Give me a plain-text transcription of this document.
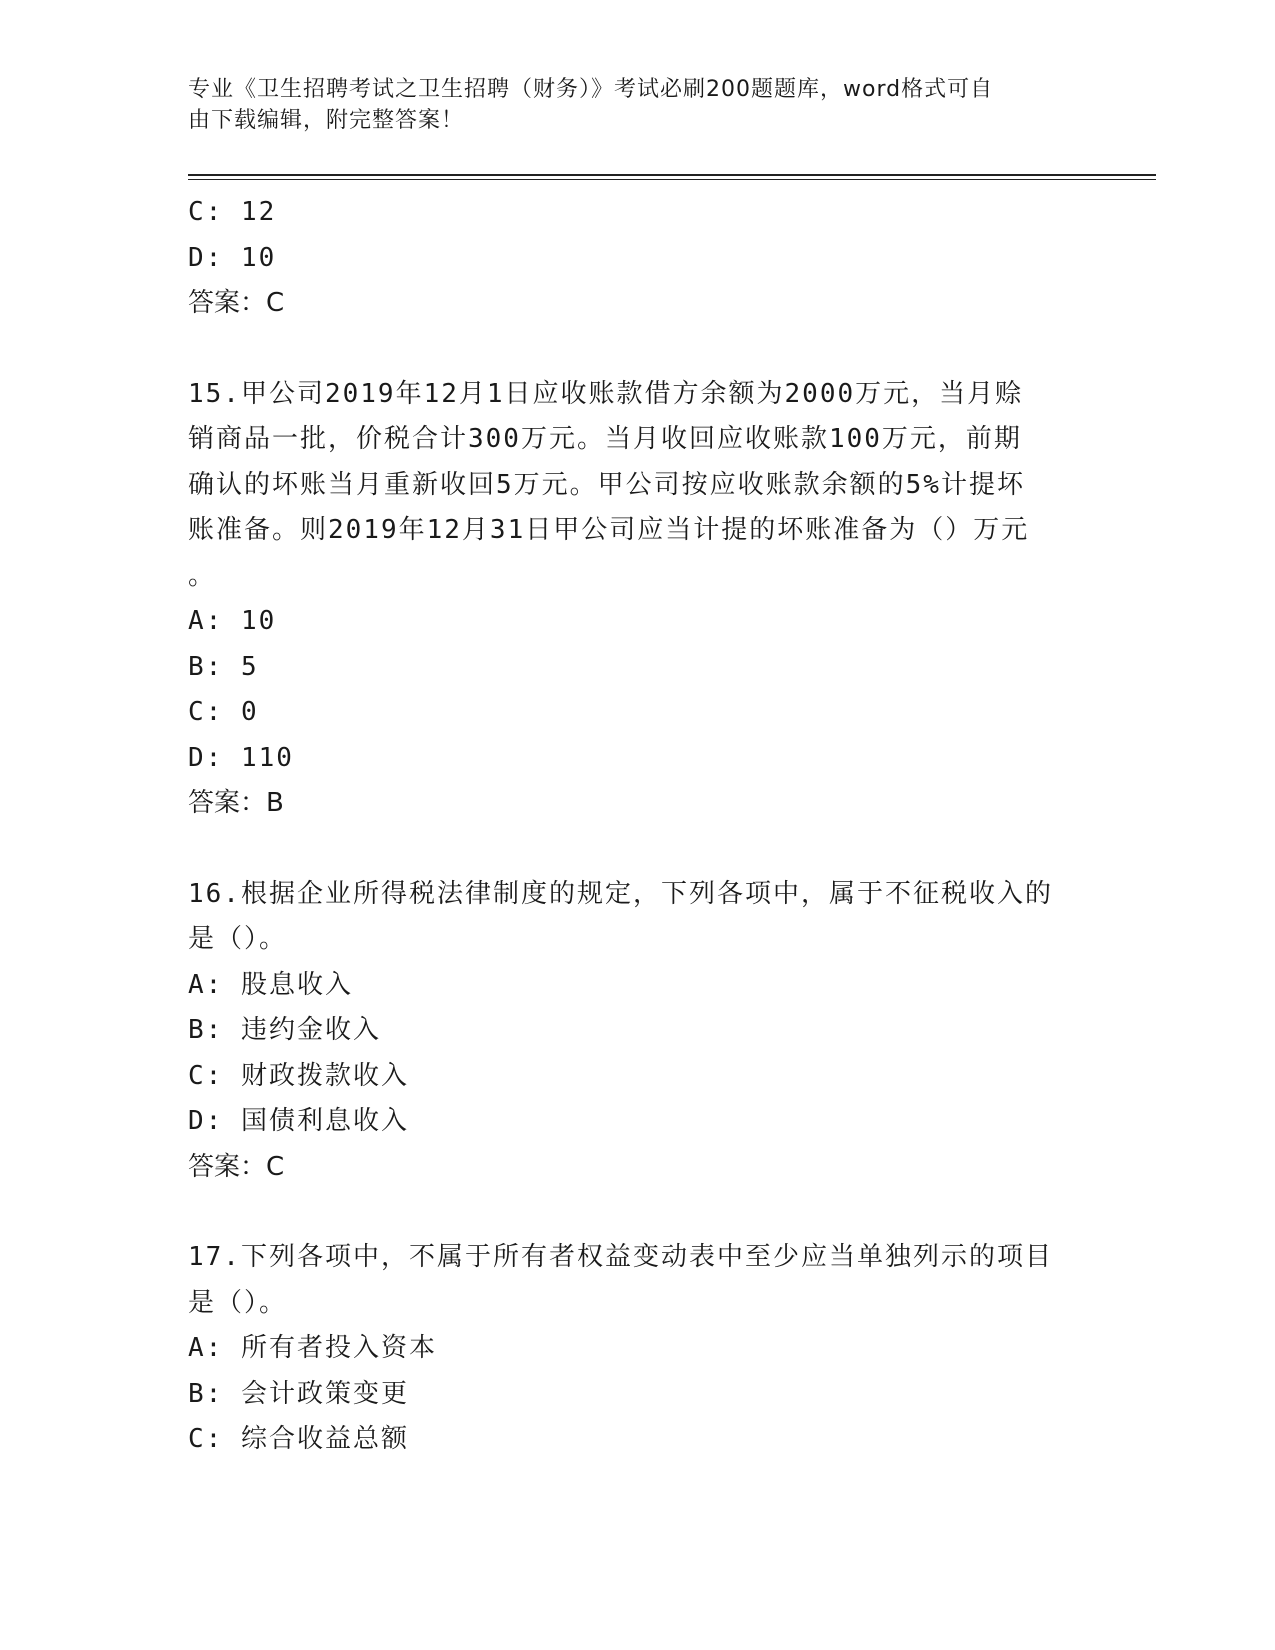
专业《卫生招聘考试之卫生招聘（财务）》考试必刷200题题库，word格式可自
由下载编辑，附完整答案！
C: 12
D: 10
答案：C
15.甲公司2019年12月1日应收账款借方余额为2000万元，当月赊
销商品一批，价税合计300万元。当月收回应收账款100万元，前期
确认的坏账当月重新收回5万元。甲公司按应收账款余额的5%计提坏
账准备。则2019年12月31日甲公司应当计提的坏账准备为（）万元
。
A: 10
B: 5
C: 0
D: 110
答案：B
16.根据企业所得税法律制度的规定，下列各项中，属于不征税收入的
是（）。
A: 股息收入
B: 违约金收入
C: 财政拨款收入
D: 国债利息收入
答案：C
17.下列各项中，不属于所有者权益变动表中至少应当单独列示的项目
是（）。
A: 所有者投入资本
B: 会计政策变更
C: 综合收益总额
